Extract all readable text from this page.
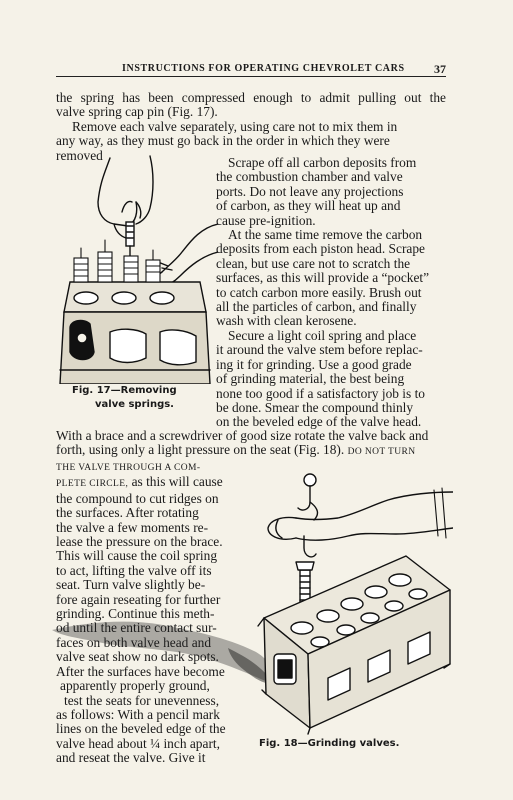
INSTRUCTIONS FOR OPERATING CHEVROLET CARS 37
the spring has been compressed enough to admit pulling out the
valve spring cap pin (Fig. 17).
Remove each valve separately, using care not to mix them in
any way, as they must go back in the order in which they were
removed
Fig. 17—Removing
valve springs.
Scrape off all carbon deposits from
the combustion chamber and valve
ports. Do not leave any projections
of carbon, as they will heat up and
cause pre-ignition.
At the same time remove the carbon
deposits from each piston head. Scrape
clean, but use care not to scratch the
surfaces, as this will provide a “pocket”
to catch carbon more easily. Brush out
all the particles of carbon, and finally
wash with clean kerosene.
Secure a light coil spring and place
it around the valve stem before replac-
ing it for grinding. Use a good grade
of grinding material, the best being
none too good if a satisfactory job is to
be done. Smear the compound thinly
on the beveled edge of the valve head.
With a brace and a screwdriver of good size rotate the valve back and
forth, using only a light pressure on the seat (Fig. 18). DO NOT TURN
THE VALVE THROUGH A COM-
PLETE CIRCLE, as this will cause
the compound to cut ridges on
the surfaces. After rotating
the valve a few moments re-
lease the pressure on the brace.
This will cause the coil spring
to act, lifting the valve off its
seat. Turn valve slightly be-
fore again reseating for further
grinding. Continue this meth-
od until the entire contact sur-
faces on both valve head and
valve seat show no dark spots.
After the surfaces have become
apparently properly ground,
test the seats for unevenness,
as follows: With a pencil mark
lines on the beveled edge of the
valve head about ¼ inch apart,
and reseat the valve. Give it
Fig. 18—Grinding valves.
